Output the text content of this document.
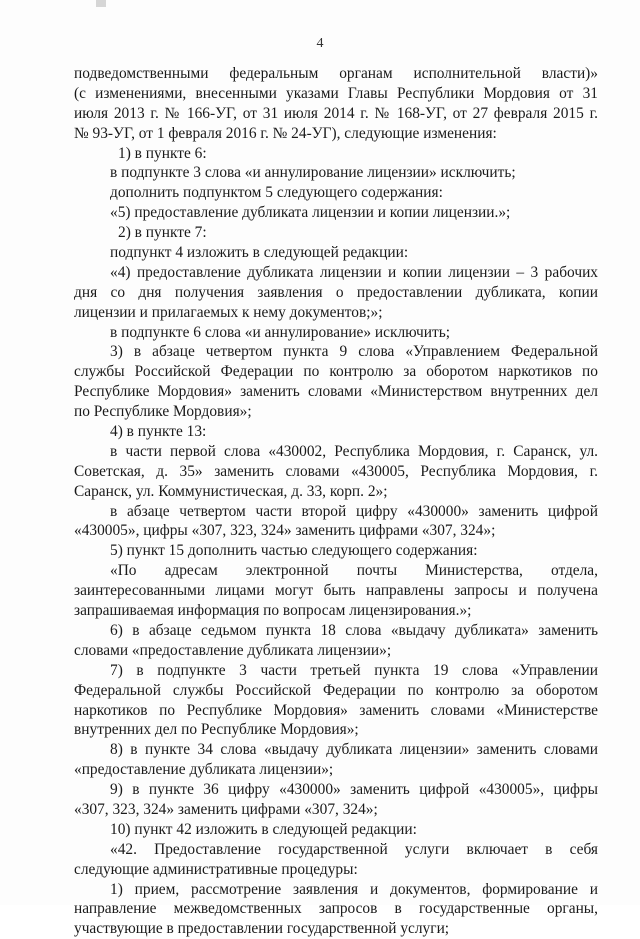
4
подведомственными федеральным органам исполнительной власти)»
(с изменениями, внесенными указами Главы Республики Мордовия от 31
июля 2013 г. № 166-УГ, от 31 июля 2014 г. № 168-УГ, от 27 февраля 2015 г.
№ 93-УГ, от 1 февраля 2016 г. № 24-УГ), следующие изменения:
1) в пункте 6:
в подпункте 3 слова «и аннулирование лицензии» исключить;
дополнить подпунктом 5 следующего содержания:
«5) предоставление дубликата лицензии и копии лицензии.»;
2) в пункте 7:
подпункт 4 изложить в следующей редакции:
«4) предоставление дубликата лицензии и копии лицензии – 3 рабочих
дня со дня получения заявления о предоставлении дубликата, копии
лицензии и прилагаемых к нему документов;»;
в подпункте 6 слова «и аннулирование» исключить;
3) в абзаце четвертом пункта 9 слова «Управлением Федеральной
службы Российской Федерации по контролю за оборотом наркотиков по
Республике Мордовия» заменить словами «Министерством внутренних дел
по Республике Мордовия»;
4) в пункте 13:
в части первой слова «430002, Республика Мордовия, г. Саранск, ул.
Советская, д. 35» заменить словами «430005, Республика Мордовия, г.
Саранск, ул. Коммунистическая, д. 33, корп. 2»;
в абзаце четвертом части второй цифру «430000» заменить цифрой
«430005», цифры «307, 323, 324» заменить цифрами «307, 324»;
5) пункт 15 дополнить частью следующего содержания:
«По адресам электронной почты Министерства, отдела,
заинтересованными лицами могут быть направлены запросы и получена
запрашиваемая информация по вопросам лицензирования.»;
6) в абзаце седьмом пункта 18 слова «выдачу дубликата» заменить
словами «предоставление дубликата лицензии»;
7) в подпункте 3 части третьей пункта 19 слова «Управлении
Федеральной службы Российской Федерации по контролю за оборотом
наркотиков по Республике Мордовия» заменить словами «Министерстве
внутренних дел по Республике Мордовия»;
8) в пункте 34 слова «выдачу дубликата лицензии» заменить словами
«предоставление дубликата лицензии»;
9) в пункте 36 цифру «430000» заменить цифрой «430005», цифры
«307, 323, 324» заменить цифрами «307, 324»;
10) пункт 42 изложить в следующей редакции:
«42. Предоставление государственной услуги включает в себя
следующие административные процедуры:
1) прием, рассмотрение заявления и документов, формирование и
направление межведомственных запросов в государственные органы,
участвующие в предоставлении государственной услуги;
